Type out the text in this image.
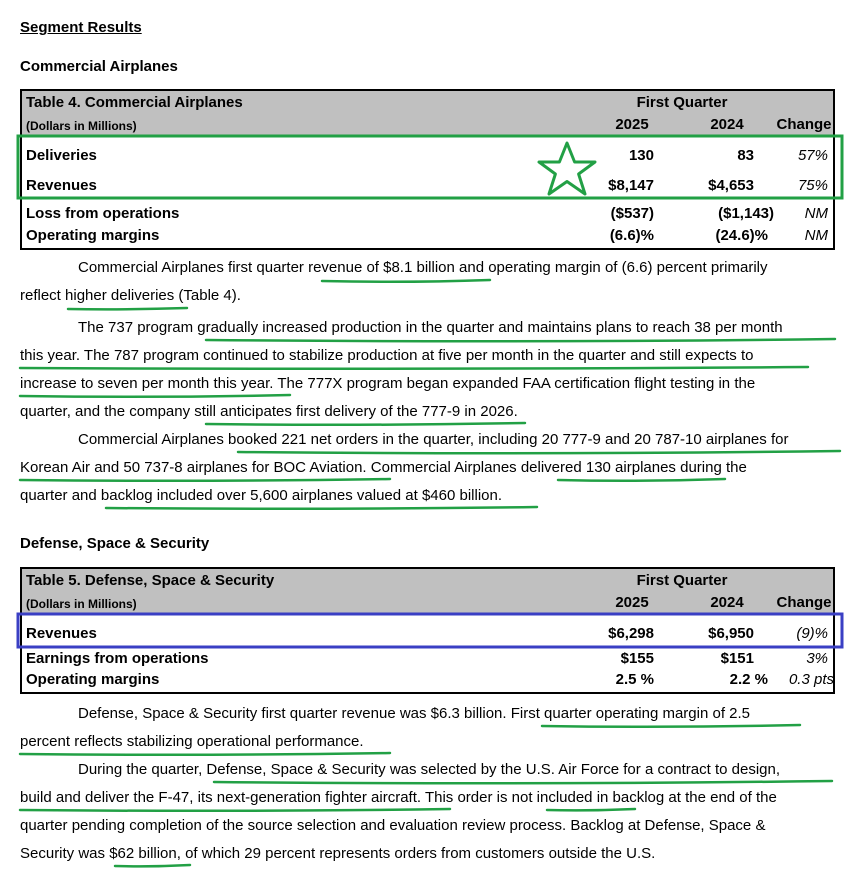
Segment Results
Commercial Airplanes
Table 4. Commercial Airplanes
(Dollars in Millions)
First Quarter
2025	2024	Change
Deliveries	130	83	57%
Revenues	$8,147	$4,653	75%
Loss from operations	($537)	($1,143)	NM
Operating margins	(6.6)%	(24.6)%	NM
Commercial Airplanes first quarter revenue of $8.1 billion and operating margin of (6.6) percent primarily
reflect higher deliveries (Table 4).
The 737 program gradually increased production in the quarter and maintains plans to reach 38 per month
this year. The 787 program continued to stabilize production at five per month in the quarter and still expects to
increase to seven per month this year. The 777X program began expanded FAA certification flight testing in the
quarter, and the company still anticipates first delivery of the 777-9 in 2026.
Commercial Airplanes booked 221 net orders in the quarter, including 20 777-9 and 20 787-10 airplanes for
Korean Air and 50 737-8 airplanes for BOC Aviation. Commercial Airplanes delivered 130 airplanes during the
quarter and backlog included over 5,600 airplanes valued at $460 billion.
Defense, Space & Security
Table 5. Defense, Space & Security
(Dollars in Millions)
First Quarter
2025	2024	Change
Revenues	$6,298	$6,950	(9)%
Earnings from operations	$155	$151	3%
Operating margins	2.5 %	2.2 %	0.3 pts
Defense, Space & Security first quarter revenue was $6.3 billion. First quarter operating margin of 2.5
percent reflects stabilizing operational performance.
During the quarter, Defense, Space & Security was selected by the U.S. Air Force for a contract to design,
build and deliver the F-47, its next-generation fighter aircraft. This order is not included in backlog at the end of the
quarter pending completion of the source selection and evaluation review process. Backlog at Defense, Space &
Security was $62 billion, of which 29 percent represents orders from customers outside the U.S.
